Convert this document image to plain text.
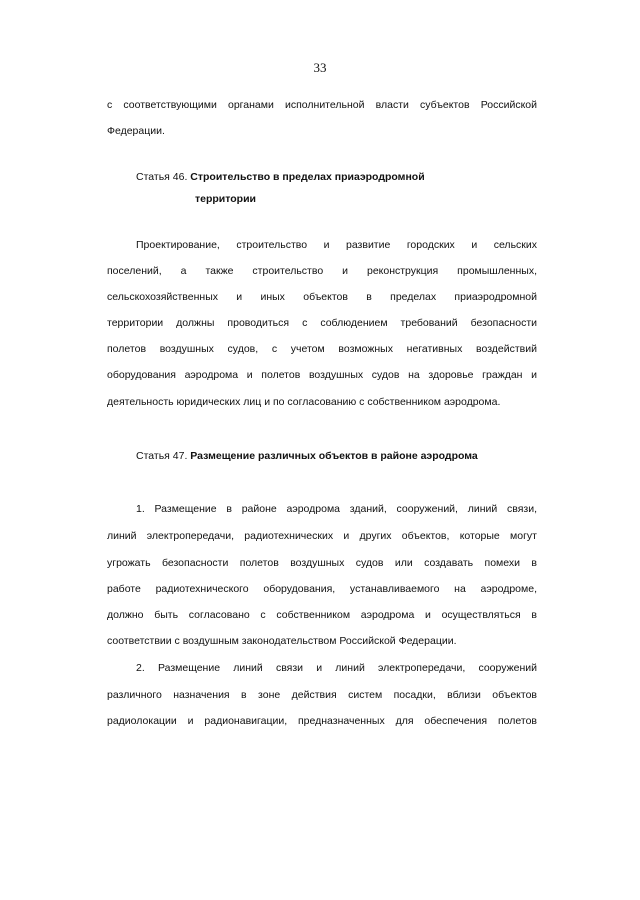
33
с соответствующими органами исполнительной власти субъектов Российской
Федерации.
Статья 46. Строительство в пределах приаэродромной
территории
Проектирование, строительство и развитие городских и сельских
поселений, а также строительство и реконструкция промышленных,
сельскохозяйственных и иных объектов в пределах приаэродромной
территории должны проводиться с соблюдением требований безопасности
полетов воздушных судов, с учетом возможных негативных воздействий
оборудования аэродрома и полетов воздушных судов на здоровье граждан и
деятельность юридических лиц и по согласованию с собственником аэродрома.
Статья 47. Размещение различных объектов в районе аэродрома
1. Размещение в районе аэродрома зданий, сооружений, линий связи,
линий электропередачи, радиотехнических и других объектов, которые могут
угрожать безопасности полетов воздушных судов или создавать помехи в
работе радиотехнического оборудования, устанавливаемого на аэродроме,
должно быть согласовано с собственником аэродрома и осуществляться в
соответствии с воздушным законодательством Российской Федерации.
2. Размещение линий связи и линий электропередачи, сооружений
различного назначения в зоне действия систем посадки, вблизи объектов
радиолокации и радионавигации, предназначенных для обеспечения полетов
